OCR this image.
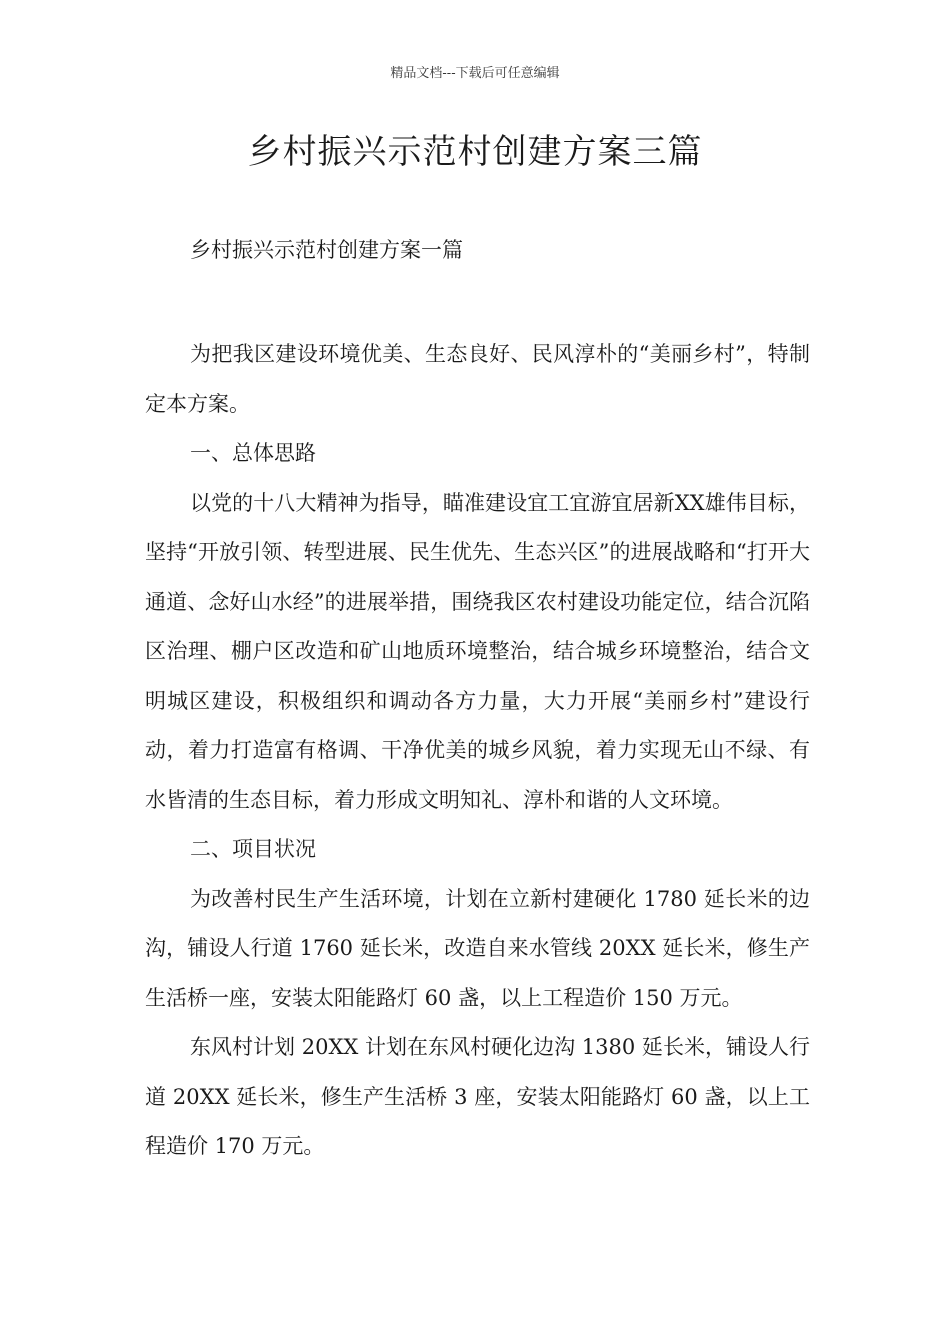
精品文档---下载后可任意编辑
乡村振兴示范村创建方案三篇

乡村振兴示范村创建方案一篇

为把我区建设环境优美、生态良好、民风淳朴的“美丽乡村”，特制定本方案。

一、总体思路

以党的十八大精神为指导，瞄准建设宜工宜游宜居新XX雄伟目标，坚持“开放引领、转型进展、民生优先、生态兴区”的进展战略和“打开大通道、念好山水经”的进展举措，围绕我区农村建设功能定位，结合沉陷区治理、棚户区改造和矿山地质环境整治，结合城乡环境整治，结合文明城区建设，积极组织和调动各方力量，大力开展“美丽乡村”建设行动，着力打造富有格调、干净优美的城乡风貌，着力实现无山不绿、有水皆清的生态目标，着力形成文明知礼、淳朴和谐的人文环境。

二、项目状况

为改善村民生产生活环境，计划在立新村建硬化 1780 延长米的边沟，铺设人行道 1760 延长米，改造自来水管线 20XX 延长米，修生产生活桥一座，安装太阳能路灯 60 盏，以上工程造价 150 万元。

东风村计划 20XX 计划在东风村硬化边沟 1380 延长米，铺设人行道 20XX 延长米，修生产生活桥 3 座，安装太阳能路灯 60 盏，以上工程造价 170 万元。
